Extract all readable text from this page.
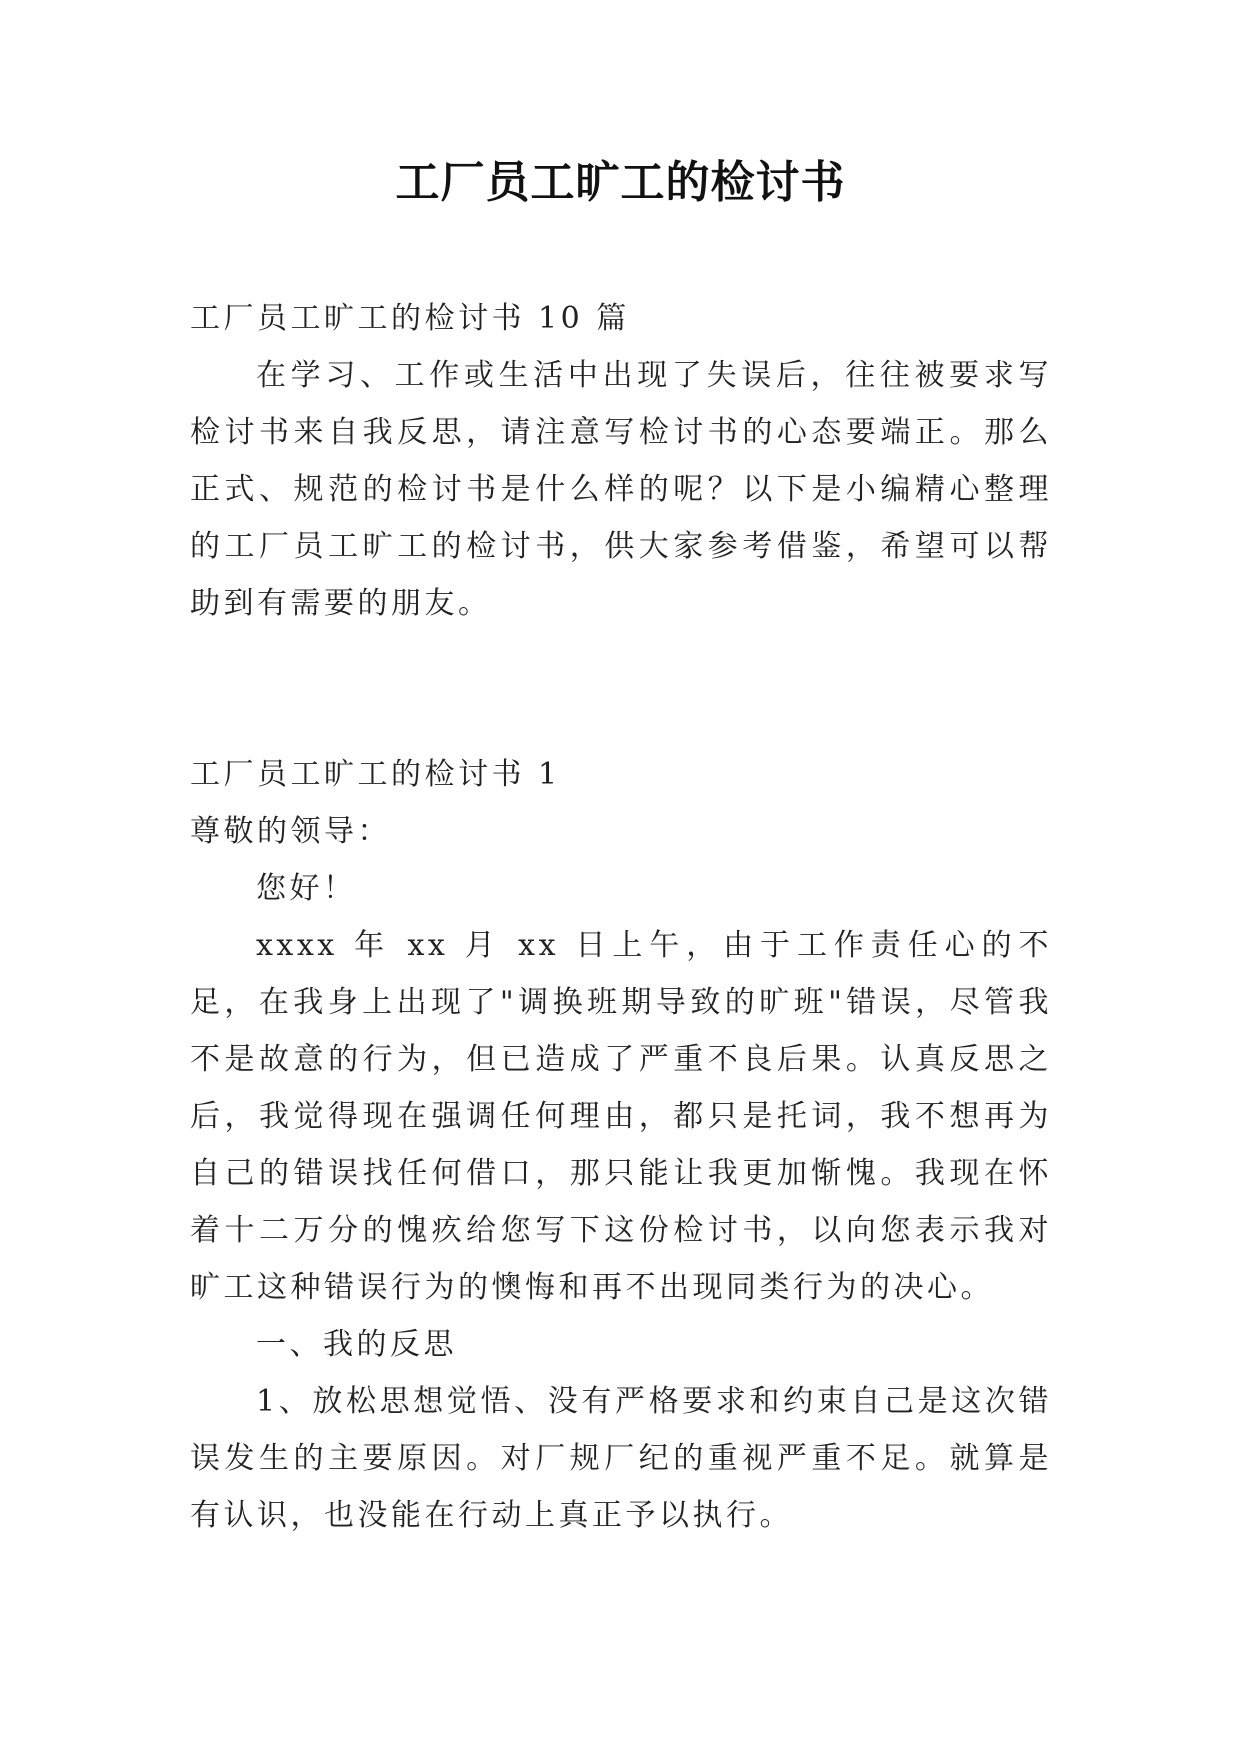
工厂员工旷工的检讨书

工厂员工旷工的检讨书 10 篇

在学习、工作或生活中出现了失误后，往往被要求写检讨书来自我反思，请注意写检讨书的心态要端正。那么正式、规范的检讨书是什么样的呢？以下是小编精心整理的工厂员工旷工的检讨书，供大家参考借鉴，希望可以帮助到有需要的朋友。

工厂员工旷工的检讨书 1

尊敬的领导：

您好！

xxxx 年 xx 月 xx 日上午，由于工作责任心的不足，在我身上出现了"调换班期导致的旷班"错误，尽管我不是故意的行为，但已造成了严重不良后果。认真反思之后，我觉得现在强调任何理由，都只是托词，我不想再为自己的错误找任何借口，那只能让我更加惭愧。我现在怀着十二万分的愧疚给您写下这份检讨书，以向您表示我对旷工这种错误行为的懊悔和再不出现同类行为的决心。

一、我的反思

1、放松思想觉悟、没有严格要求和约束自己是这次错误发生的主要原因。对厂规厂纪的重视严重不足。就算是有认识，也没能在行动上真正予以执行。
